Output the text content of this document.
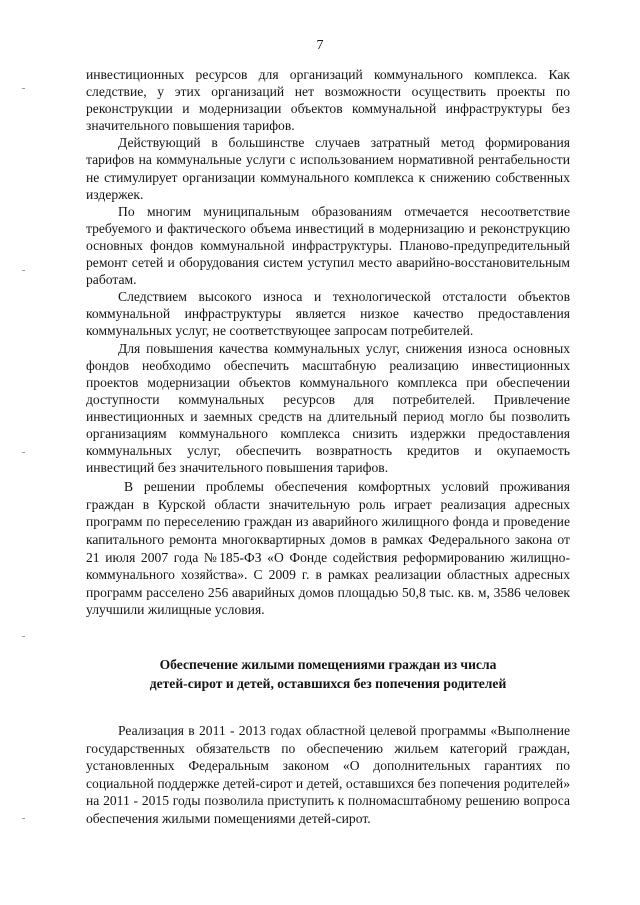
7

инвестиционных ресурсов для организаций коммунального комплекса. Как следствие, у этих организаций нет возможности осуществить проекты по реконструкции и модернизации объектов коммунальной инфраструктуры без значительного повышения тарифов.

Действующий в большинстве случаев затратный метод формирования тарифов на коммунальные услуги с использованием нормативной рентабельности не стимулирует организации коммунального комплекса к снижению собственных издержек.

По многим муниципальным образованиям отмечается несоответствие требуемого и фактического объема инвестиций в модернизацию и реконструкцию основных фондов коммунальной инфраструктуры. Планово-предупредительный ремонт сетей и оборудования систем уступил место аварийно-восстановительным работам.

Следствием высокого износа и технологической отсталости объектов коммунальной инфраструктуры является низкое качество предоставления коммунальных услуг, не соответствующее запросам потребителей.

Для повышения качества коммунальных услуг, снижения износа основных фондов необходимо обеспечить масштабную реализацию инвестиционных проектов модернизации объектов коммунального комплекса при обеспечении доступности коммунальных ресурсов для потребителей. Привлечение инвестиционных и заемных средств на длительный период могло бы позволить организациям коммунального комплекса снизить издержки предоставления коммунальных услуг, обеспечить возвратность кредитов и окупаемость инвестиций без значительного повышения тарифов.

В решении проблемы обеспечения комфортных условий проживания граждан в Курской области значительную роль играет реализация адресных программ по переселению граждан из аварийного жилищного фонда и проведение капитального ремонта многоквартирных домов в рамках Федерального закона от 21 июля 2007 года №185-ФЗ «О Фонде содействия реформированию жилищно-коммунального хозяйства». С 2009 г. в рамках реализации областных адресных программ расселено 256 аварийных домов площадью 50,8 тыс. кв. м, 3586 человек улучшили жилищные условия.

Обеспечение жилыми помещениями граждан из числа
детей-сирот и детей, оставшихся без попечения родителей

Реализация в 2011 - 2013 годах областной целевой программы «Выполнение государственных обязательств по обеспечению жильем категорий граждан, установленных Федеральным законом «О дополнительных гарантиях по социальной поддержке детей-сирот и детей, оставшихся без попечения родителей» на 2011 - 2015 годы позволила приступить к полномасштабному решению вопроса обеспечения жилыми помещениями детей-сирот.
